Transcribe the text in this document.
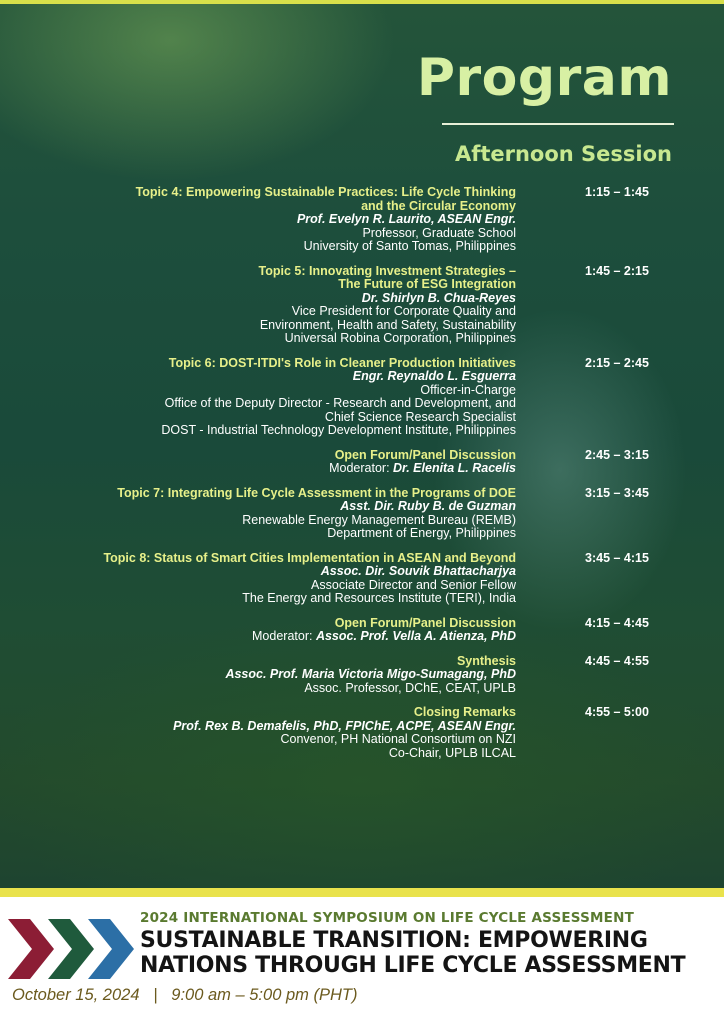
Program
Afternoon Session
Topic 4: Empowering Sustainable Practices: Life Cycle Thinking
and the Circular Economy
Prof. Evelyn R. Laurito, ASEAN Engr.
Professor, Graduate School
University of Santo Tomas, Philippines
1:15 – 1:45
Topic 5: Innovating Investment Strategies –
The Future of ESG Integration
Dr. Shirlyn B. Chua-Reyes
Vice President for Corporate Quality and
Environment, Health and Safety, Sustainability
Universal Robina Corporation, Philippines
1:45 – 2:15
Topic 6: DOST-ITDI's Role in Cleaner Production Initiatives
Engr. Reynaldo L. Esguerra
Officer-in-Charge
Office of the Deputy Director - Research and Development, and
Chief Science Research Specialist
DOST - Industrial Technology Development Institute, Philippines
2:15 – 2:45
Open Forum/Panel Discussion
Moderator: Dr. Elenita L. Racelis
2:45 – 3:15
Topic 7: Integrating Life Cycle Assessment in the Programs of DOE
Asst. Dir. Ruby B. de Guzman
Renewable Energy Management Bureau (REMB)
Department of Energy, Philippines
3:15 – 3:45
Topic 8: Status of Smart Cities Implementation in ASEAN and Beyond
Assoc. Dir. Souvik Bhattacharjya
Associate Director and Senior Fellow
The Energy and Resources Institute (TERI), India
3:45 – 4:15
Open Forum/Panel Discussion
Moderator: Assoc. Prof. Vella A. Atienza, PhD
4:15 – 4:45
Synthesis
Assoc. Prof. Maria Victoria Migo-Sumagang, PhD
Assoc. Professor, DChE, CEAT, UPLB
4:45 – 4:55
Closing Remarks
Prof. Rex B. Demafelis, PhD, FPIChE, ACPE, ASEAN Engr.
Convenor, PH National Consortium on NZI
Co-Chair, UPLB ILCAL
4:55 – 5:00
2024 INTERNATIONAL SYMPOSIUM ON LIFE CYCLE ASSESSMENT
SUSTAINABLE TRANSITION: EMPOWERING
NATIONS THROUGH LIFE CYCLE ASSESSMENT
October 15, 2024   |   9:00 am – 5:00 pm (PHT)
